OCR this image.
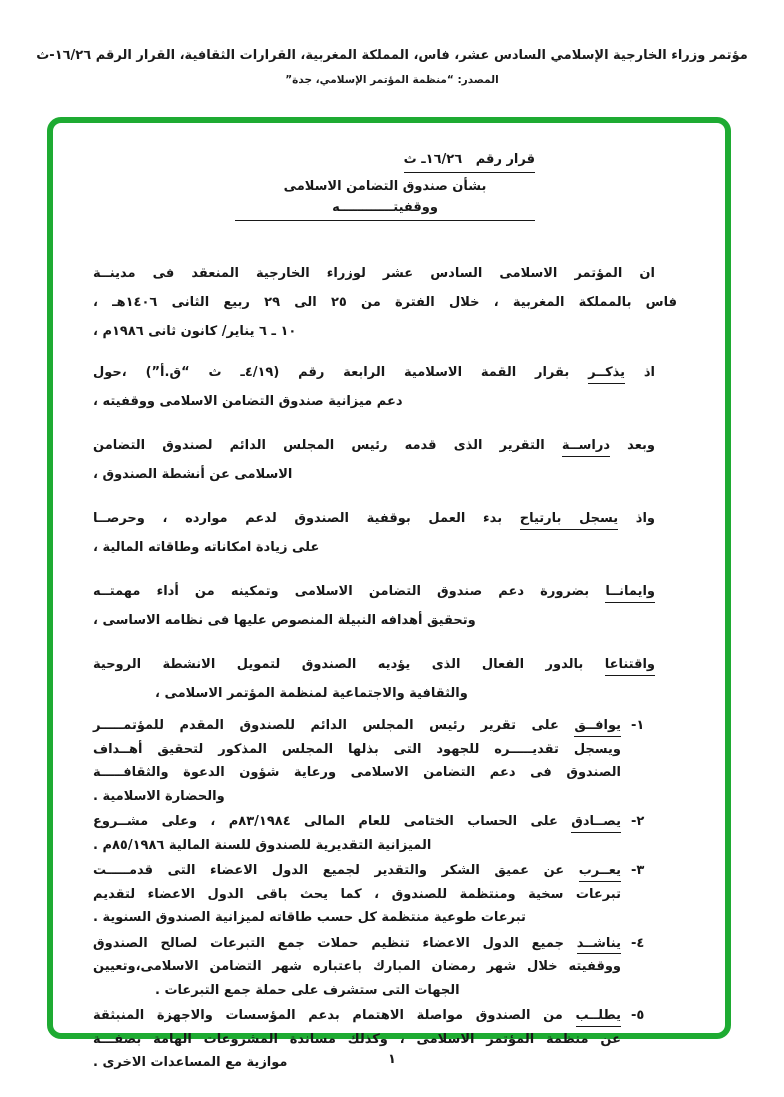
مؤتمر وزراء الخارجية الإسلامي السادس عشر، فاس، المملكة المغربية، القرارات الثقافية، القرار الرقم ١٦/٢٦-ث
المصدر: “منظمة المؤتمر الإسلامي، جدة”
قرار رقم   ١٦/٢٦ـ ث
بشأن صندوق التضامن الاسلامى ووقفيتــــــــــــه
ان المؤتمر الاسلامى السادس عشر لوزراء الخارجية المنعقد فى مدينــة
فاس بالمملكة المغربية ، خلال الفترة من ٢٥ الى ٢٩ ربيع الثانى ١٤٠٦هـ ،
‭٦ ـ ١٠‬ يناير/ كانون ثانى ١٩٨٦م ،
اذ يذكــر بقرار القمة الاسلامية الرابعة رقم (٤/١٩ـ ث “ق.أ”) ،حول
دعم ميزانية صندوق التضامن الاسلامى ووقفيته ،
وبعد دراســة التقرير الذى قدمه رئيس المجلس الدائم لصندوق التضامن
الاسلامى عن أنشطة الصندوق ،
واذ يسجل بارتياح بدء العمل بوقفية الصندوق لدعم موارده ، وحرصــا
على زيادة امكاناته وطاقاته المالية ،
وايمانــا بضرورة دعم صندوق التضامن الاسلامى وتمكينه من أداء مهمتــه
وتحقيق أهدافه النبيلة المنصوص عليها فى نظامه الاساسى ،
واقتناعا بالدور الفعال الذى يؤديه الصندوق لتمويل الانشطة الروحية
والثقافية والاجتماعية لمنظمة المؤتمر الاسلامى ،
١-
يوافــق على تقرير رئيس المجلس الدائم للصندوق المقدم للمؤتمـــــر
ويسجل تقديـــــره للجهود التى بذلها المجلس المذكور لتحقيق أهــداف
الصندوق فى دعم التضامن الاسلامى ورعاية شؤون الدعوة والثقافـــــة
والحضارة الاسلامية .
٢-
يصــادق على الحساب الختامى للعام المالى ٨٣/١٩٨٤م ، وعلى مشــروع
الميزانية التقديرية للصندوق للسنة المالية ٨٥/١٩٨٦م .
٣-
يعــرب عن عميق الشكر والتقدير لجميع الدول الاعضاء التى قدمـــــت
تبرعات سخية ومنتظمة للصندوق ، كما يحث باقى الدول الاعضاء لتقديم
تبرعات طوعية منتظمة كل حسب طاقاته لميزانية الصندوق السنوية .
٤-
يناشــد جميع الدول الاعضاء تنظيم حملات جمع التبرعات لصالح الصندوق
ووقفيته خلال شهر رمضان المبارك باعتباره شهر التضامن الاسلامى،وتعيين
الجهات التى ستشرف على حملة جمع التبرعات .
٥-
يطلــب من الصندوق مواصلة الاهتمام بدعم المؤسسات والاجهزة المنبثقة
عن منظمة المؤتمر الاسلامى ، وكذلك مساندة المشروعات الهامة بصفـــة
موازية مع المساعدات الاخرى .	١
